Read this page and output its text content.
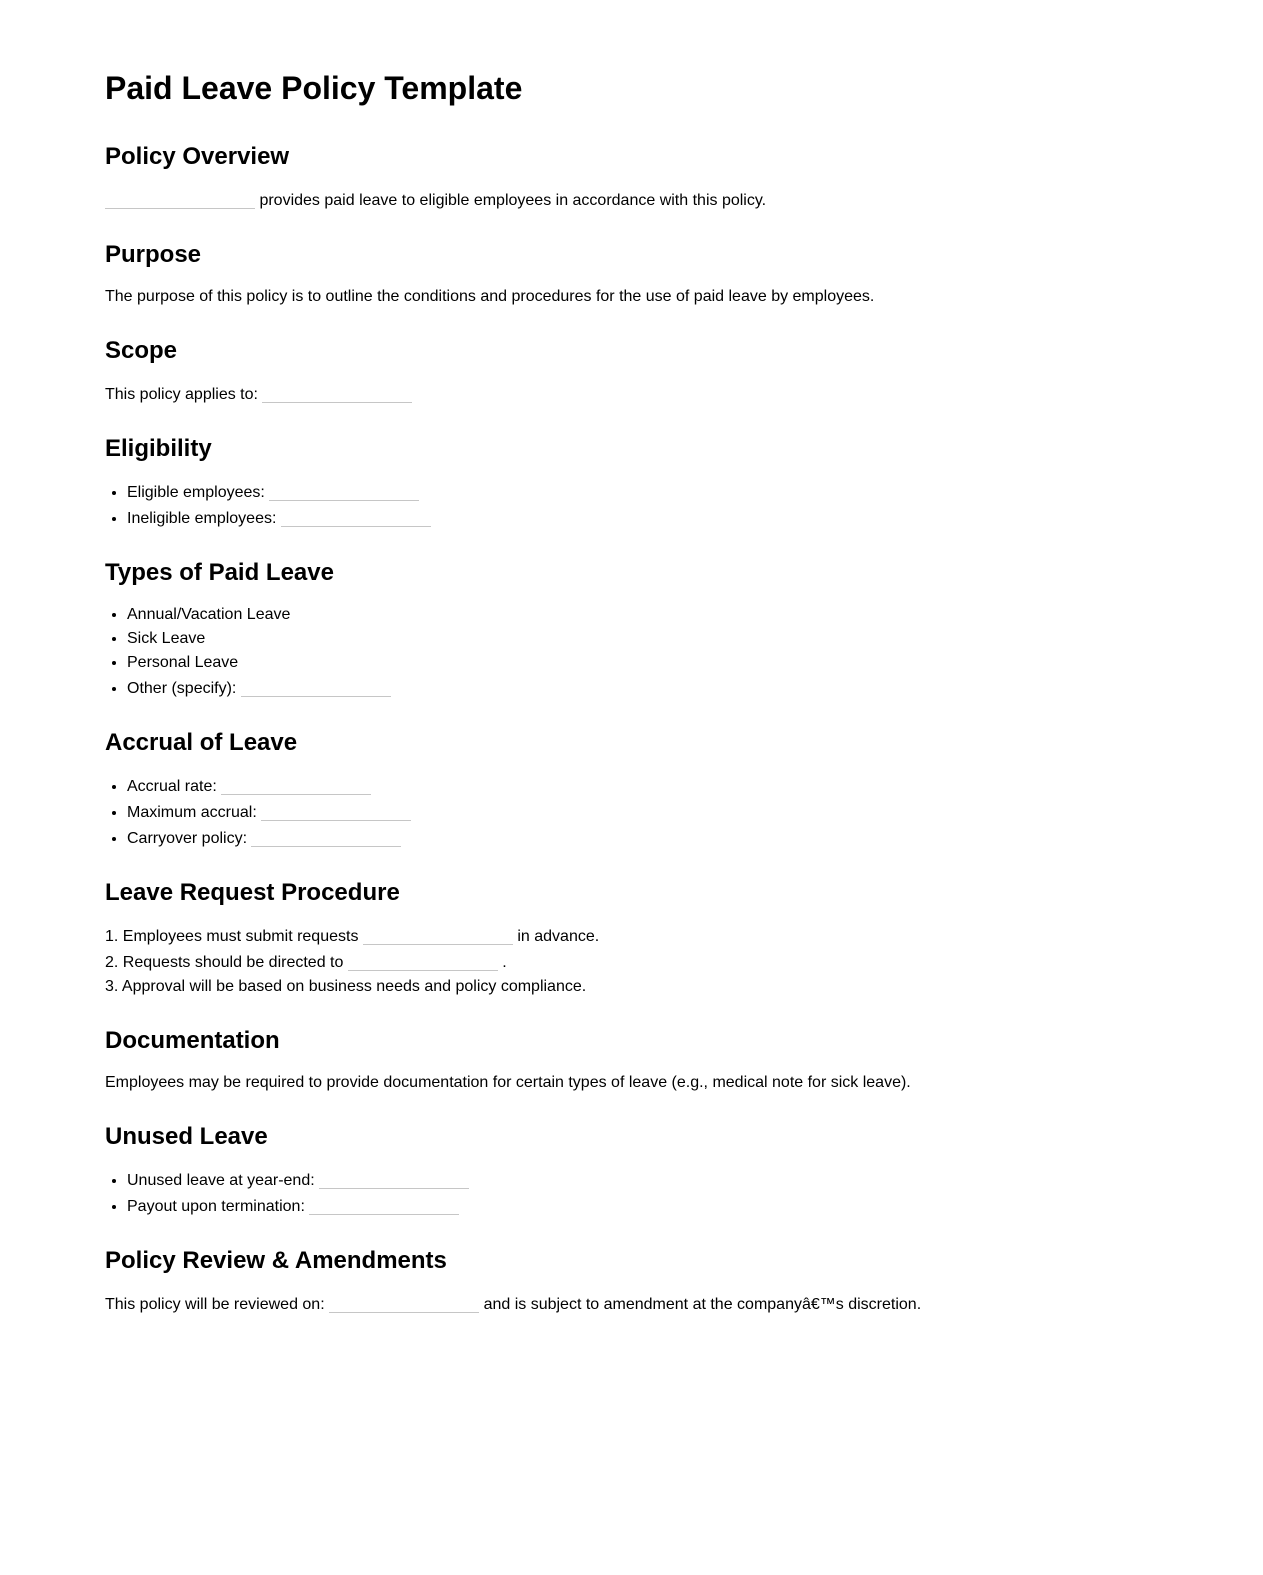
Paid Leave Policy Template
Policy Overview

provides paid leave to eligible employees in accordance with this policy.

Purpose

The purpose of this policy is to outline the conditions and procedures for the use of paid leave by employees.

Scope

This policy applies to:

Eligibility
• Eligible employees:
• Ineligible employees:
Types of Paid Leave
• Annual/Vacation Leave
• Sick Leave
• Personal Leave
• Other (specify):
Accrual of Leave
• Accrual rate:
• Maximum accrual:
• Carryover policy:
Leave Request Procedure
1. Employees must submit requests	in advance.
2. Requests should be directed to	.
3. Approval will be based on business needs and policy compliance.
Documentation

Employees may be required to provide documentation for certain types of leave (e.g., medical note for sick leave).

Unused Leave
• Unused leave at year-end:
• Payout upon termination:
Policy Review & Amendments

This policy will be reviewed on:	and is subject to amendment at the companyâ€™s discretion.
